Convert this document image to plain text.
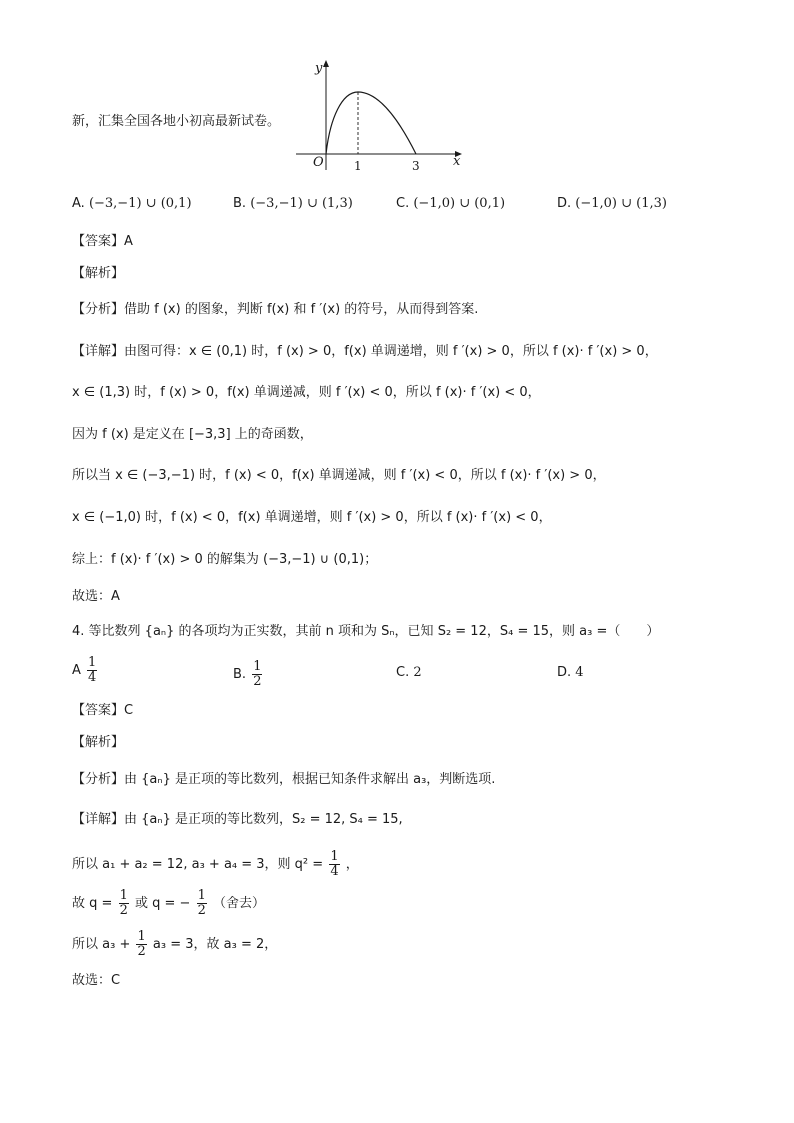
y
x
O	1	3
新，汇集全国各地小初高最新试卷。
A. (−3,−1) ∪ (0,1)	B. (−3,−1) ∪ (1,3)	C. (−1,0) ∪ (0,1)	D. (−1,0) ∪ (1,3)
【答案】A
【解析】
【分析】借助 f (x) 的图象，判断 f(x) 和 f ′(x) 的符号，从而得到答案.
【详解】由图可得：x ∈ (0,1) 时，f (x) > 0，f(x) 单调递增，则 f ′(x) > 0，所以 f (x)· f ′(x) > 0，
x ∈ (1,3) 时，f (x) > 0，f(x) 单调递减，则 f ′(x) < 0，所以 f (x)· f ′(x) < 0，
因为 f (x) 是定义在 [−3,3] 上的奇函数，
所以当 x ∈ (−3,−1) 时，f (x) < 0，f(x) 单调递减，则 f ′(x) < 0，所以 f (x)· f ′(x) > 0，
x ∈ (−1,0) 时，f (x) < 0，f(x) 单调递增，则 f ′(x) > 0，所以 f (x)· f ′(x) < 0，
综上：f (x)· f ′(x) > 0 的解集为 (−3,−1) ∪ (0,1)；
故选：A
4. 等比数列 {aₙ} 的各项均为正实数，其前 n 项和为 Sₙ，已知 S₂ = 12，S₄ = 15，则 a₃ =（　　）
A $\frac{1}{4}$	B. $\frac{1}{2}$	C. 2	D. 4
【答案】C
【解析】
【分析】由 {aₙ} 是正项的等比数列，根据已知条件求解出 a₃，判断选项.
【详解】由 {aₙ} 是正项的等比数列，S₂ = 12, S₄ = 15,
所以 a₁ + a₂ = 12, a₃ + a₄ = 3，则 $q^2 = \frac{1}{4}$ ，
故 $q = \frac{1}{2}$ 或 q = − $\frac{1}{2}$ （舍去）
所以 $a_3 + \frac{1}{2} a_3 = 3$，故 a₃ = 2，
故选：C
